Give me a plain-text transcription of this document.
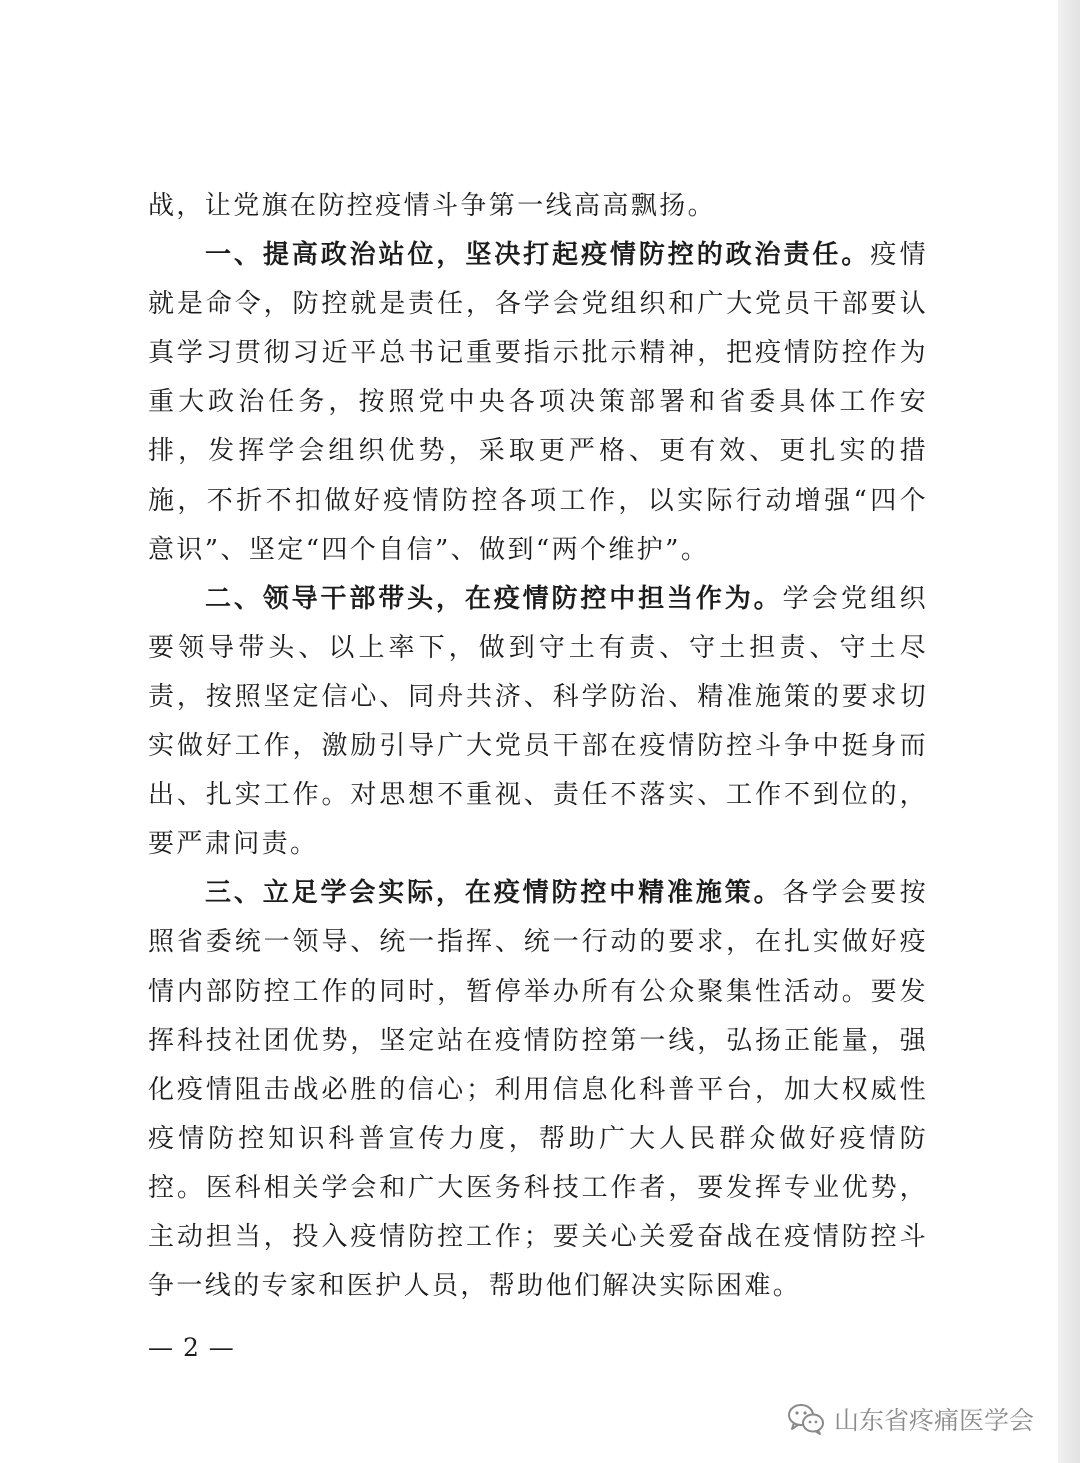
战，让党旗在防控疫情斗争第一线高高飘扬。

一、提高政治站位，坚决打起疫情防控的政治责任。疫情就是命令，防控就是责任，各学会党组织和广大党员干部要认真学习贯彻习近平总书记重要指示批示精神，把疫情防控作为重大政治任务，按照党中央各项决策部署和省委具体工作安排，发挥学会组织优势，采取更严格、更有效、更扎实的措施，不折不扣做好疫情防控各项工作，以实际行动增强“四个意识”、坚定“四个自信”、做到“两个维护”。

二、领导干部带头，在疫情防控中担当作为。学会党组织要领导带头、以上率下，做到守土有责、守土担责、守土尽责，按照坚定信心、同舟共济、科学防治、精准施策的要求切实做好工作，激励引导广大党员干部在疫情防控斗争中挺身而出、扎实工作。对思想不重视、责任不落实、工作不到位的，要严肃问责。

三、立足学会实际，在疫情防控中精准施策。各学会要按照省委统一领导、统一指挥、统一行动的要求，在扎实做好疫情内部防控工作的同时，暂停举办所有公众聚集性活动。要发挥科技社团优势，坚定站在疫情防控第一线，弘扬正能量，强化疫情阻击战必胜的信心；利用信息化科普平台，加大权威性疫情防控知识科普宣传力度，帮助广大人民群众做好疫情防控。医科相关学会和广大医务科技工作者，要发挥专业优势，主动担当，投入疫情防控工作；要关心关爱奋战在疫情防控斗争一线的专家和医护人员，帮助他们解决实际困难。

— 2 —
山东省疼痛医学会
